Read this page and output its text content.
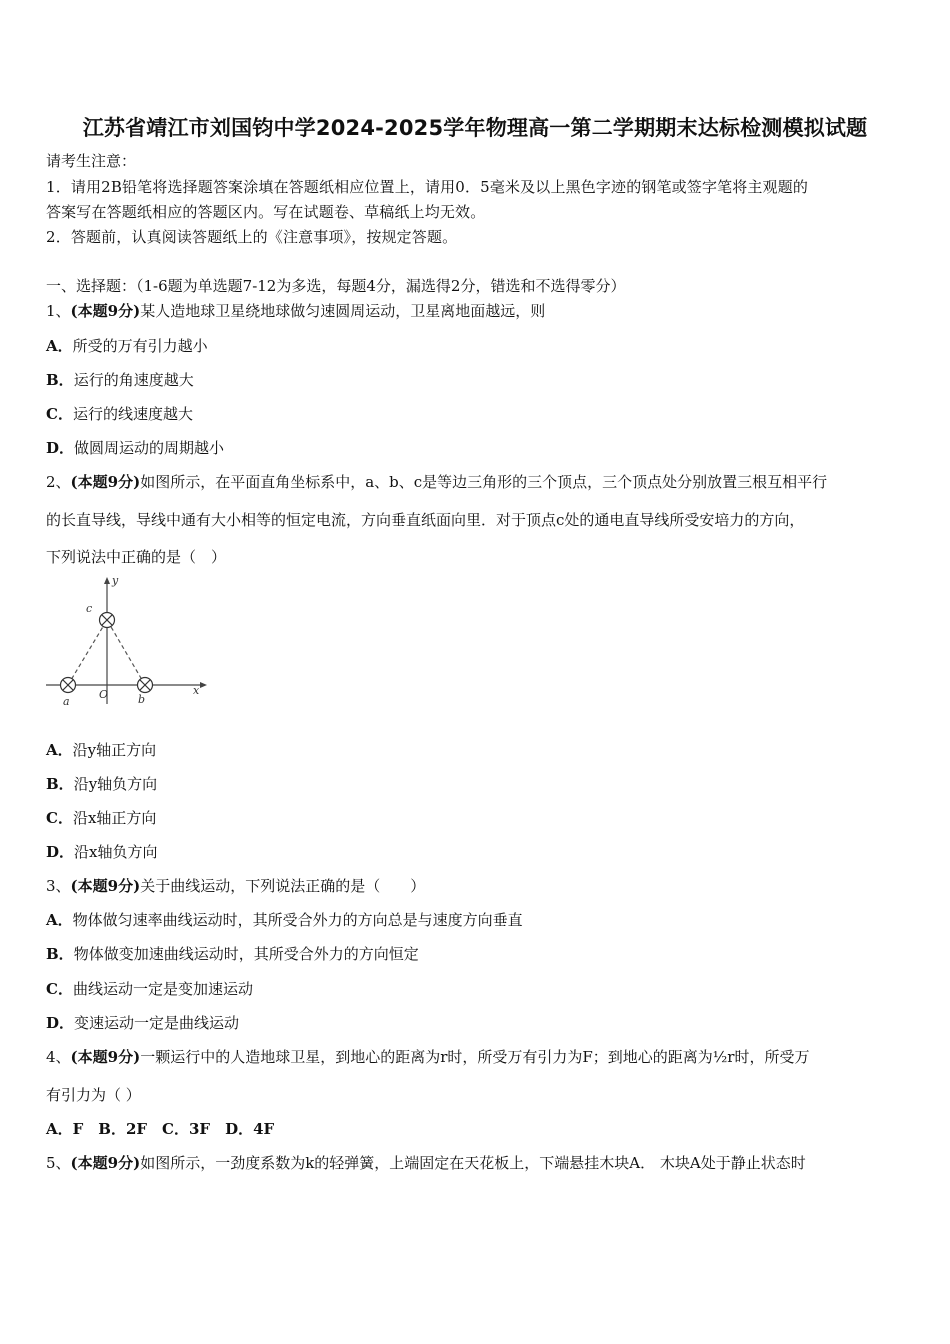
江苏省靖江市刘国钧中学2024-2025学年物理高一第二学期期末达标检测模拟试题
请考生注意：
1．请用2B铅笔将选择题答案涂填在答题纸相应位置上，请用0．5毫米及以上黑色字迹的钢笔或签字笔将主观题的
答案写在答题纸相应的答题区内。写在试题卷、草稿纸上均无效。
2．答题前，认真阅读答题纸上的《注意事项》，按规定答题。
一、选择题：（1-6题为单选题7-12为多选，每题4分，漏选得2分，错选和不选得零分）
1、(本题9分)某人造地球卫星绕地球做匀速圆周运动，卫星离地面越远，则
A．所受的万有引力越小
B．运行的角速度越大
C．运行的线速度越大
D．做圆周运动的周期越小
2、(本题9分)如图所示，在平面直角坐标系中，a、b、c是等边三角形的三个顶点，三个顶点处分别放置三根互相平行
的长直导线，导线中通有大小相等的恒定电流，方向垂直纸面向里．对于顶点c处的通电直导线所受安培力的方向，
下列说法中正确的是（　）
y
c
O
a	b
x
A．沿y轴正方向
B．沿y轴负方向
C．沿x轴正方向
D．沿x轴负方向
3、(本题9分)关于曲线运动，下列说法正确的是（　　）
A．物体做匀速率曲线运动时，其所受合外力的方向总是与速度方向垂直
B．物体做变加速曲线运动时，其所受合外力的方向恒定
C．曲线运动一定是变加速运动
D．变速运动一定是曲线运动
4、(本题9分)一颗运行中的人造地球卫星，到地心的距离为r时，所受万有引力为F；到地心的距离为½r时，所受万
有引力为（ ）
A．F　B．2F　C．3F　D．4F
5、(本题9分)如图所示，一劲度系数为k的轻弹簧，上端固定在天花板上，下端悬挂木块A． 木块A处于静止状态时
